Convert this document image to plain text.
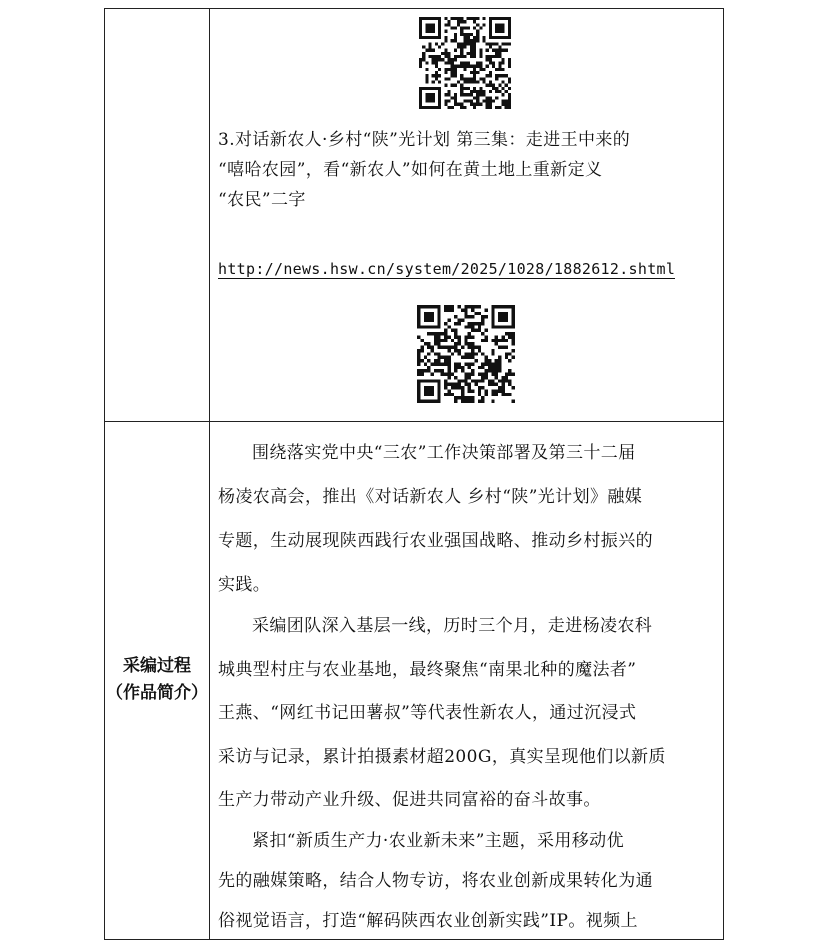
采编过程
（作品简介）
3.对话新农人·乡村“陕”光计划 第三集：走进王中来的
“嘻哈农园”，看“新农人”如何在黄土地上重新定义
“农民”二字
http://news.hsw.cn/system/2025/1028/1882612.shtml
围绕落实党中央“三农”工作决策部署及第三十二届
杨凌农高会，推出《对话新农人 乡村“陕”光计划》融媒
专题，生动展现陕西践行农业强国战略、推动乡村振兴的
实践。
采编团队深入基层一线，历时三个月，走进杨凌农科
城典型村庄与农业基地，最终聚焦“南果北种的魔法者”
王燕、“网红书记田薯叔”等代表性新农人，通过沉浸式
采访与记录，累计拍摄素材超200G，真实呈现他们以新质
生产力带动产业升级、促进共同富裕的奋斗故事。
紧扣“新质生产力·农业新未来”主题，采用移动优
先的融媒策略，结合人物专访，将农业创新成果转化为通
俗视觉语言，打造“解码陕西农业创新实践”IP。视频上
